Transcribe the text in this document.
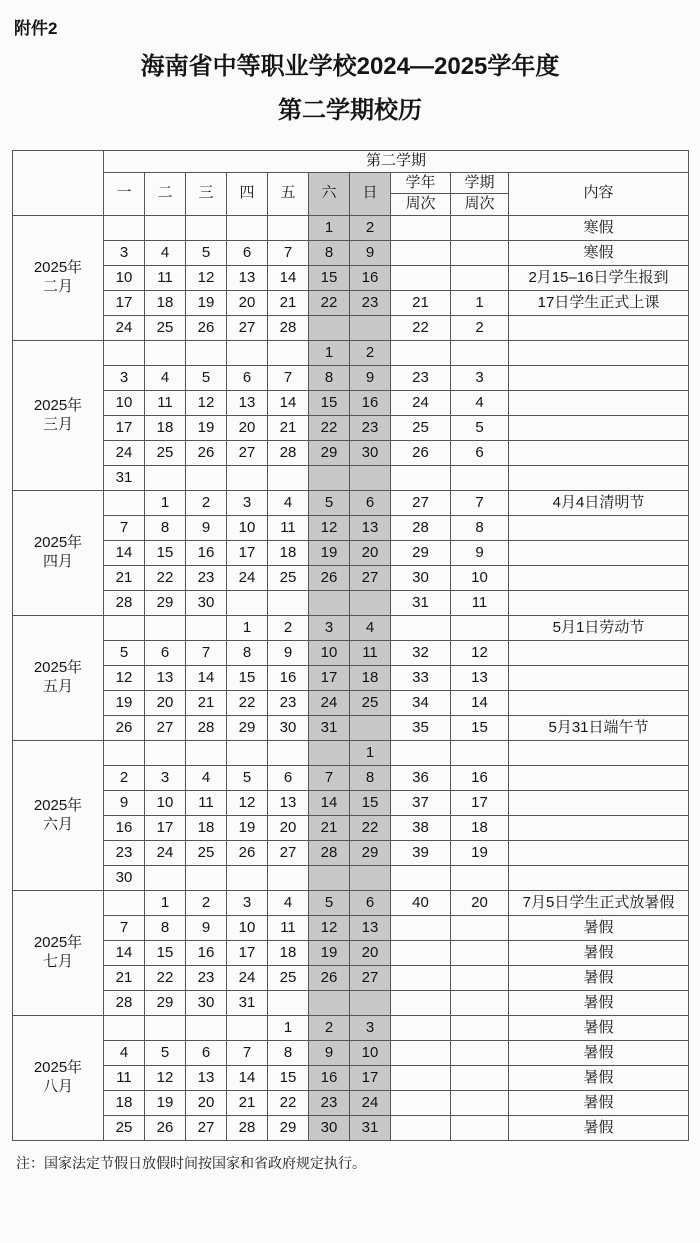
附件2
海南省中等职业学校2024—2025学年度
第二学期校历
	第二学期									
	一	二	三	四	五	六	日	学年	学期	内容
								周次	周次	

2025年
二月						1	2			寒假
	3	4	5	6	7	8	9			寒假
	10	11	12	13	14	15	16			2月15–16日学生报到
	17	18	19	20	21	22	23	21	1	17日学生正式上课
	24	25	26	27	28			22	2	

2025年
三月						1	2			
	3	4	5	6	7	8	9	23	3	
	10	11	12	13	14	15	16	24	4	
	17	18	19	20	21	22	23	25	5	
	24	25	26	27	28	29	30	26	6	
	31									

2025年
四月		1	2	3	4	5	6	27	7	4月4日清明节
	7	8	9	10	11	12	13	28	8	
	14	15	16	17	18	19	20	29	9	
	21	22	23	24	25	26	27	30	10	
	28	29	30					31	11	

2025年
五月				1	2	3	4			5月1日劳动节
	5	6	7	8	9	10	11	32	12	
	12	13	14	15	16	17	18	33	13	
	19	20	21	22	23	24	25	34	14	
	26	27	28	29	30	31		35	15	5月31日端午节

2025年
六月							1			
	2	3	4	5	6	7	8	36	16	
	9	10	11	12	13	14	15	37	17	
	16	17	18	19	20	21	22	38	18	
	23	24	25	26	27	28	29	39	19	
	30									

2025年
七月		1	2	3	4	5	6	40	20	7月5日学生正式放暑假
	7	8	9	10	11	12	13			暑假
	14	15	16	17	18	19	20			暑假
	21	22	23	24	25	26	27			暑假
	28	29	30	31						暑假

2025年
八月					1	2	3			暑假
	4	5	6	7	8	9	10			暑假
	11	12	13	14	15	16	17			暑假
	18	19	20	21	22	23	24			暑假
	25	26	27	28	29	30	31			暑假
注：国家法定节假日放假时间按国家和省政府规定执行。
